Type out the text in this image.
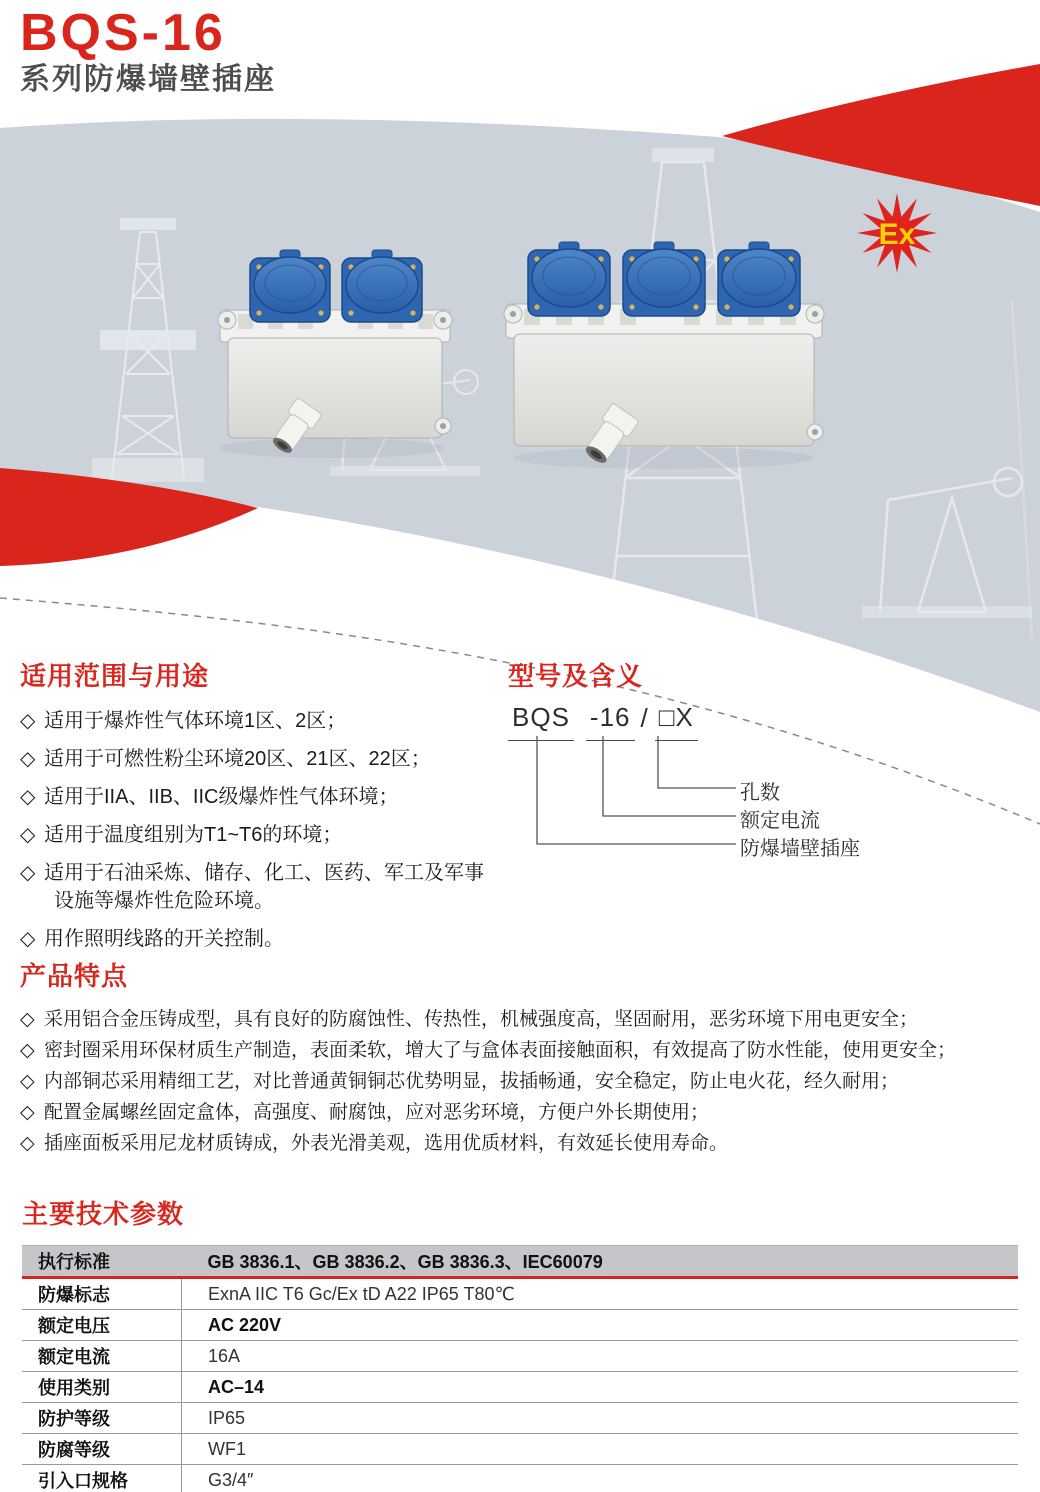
Ex
BQS-16
系列防爆墙壁插座
适用范围与用途
◇ 适用于爆炸性气体环境1区、2区；
◇ 适用于可燃性粉尘环境20区、21区、22区；
◇ 适用于IIA、IIB、IIC级爆炸性气体环境；
◇ 适用于温度组别为T1~T6的环境；
◇ 适用于石油采炼、储存、化工、医药、军工及军事设施等爆炸性危险环境。
◇ 用作照明线路的开关控制。
型号及含义
BQS -16 / □X
孔数
额定电流
防爆墙壁插座
产品特点
◇ 采用铝合金压铸成型，具有良好的防腐蚀性、传热性，机械强度高，坚固耐用，恶劣环境下用电更安全；
◇ 密封圈采用环保材质生产制造，表面柔软，增大了与盒体表面接触面积，有效提高了防水性能，使用更安全；
◇ 内部铜芯采用精细工艺，对比普通黄铜铜芯优势明显，拔插畅通，安全稳定，防止电火花，经久耐用；
◇ 配置金属螺丝固定盒体，高强度、耐腐蚀，应对恶劣环境，方便户外长期使用；
◇ 插座面板采用尼龙材质铸成，外表光滑美观，选用优质材料，有效延长使用寿命。
主要技术参数
执行标准	GB 3836.1、GB 3836.2、GB 3836.3、IEC60079
防爆标志	ExnA IIC T6 Gc/Ex tD A22 IP65 T80℃
额定电压	AC 220V
额定电流	16A
使用类别	AC–14
防护等级	IP65
防腐等级	WF1
引入口规格	G3/4″
